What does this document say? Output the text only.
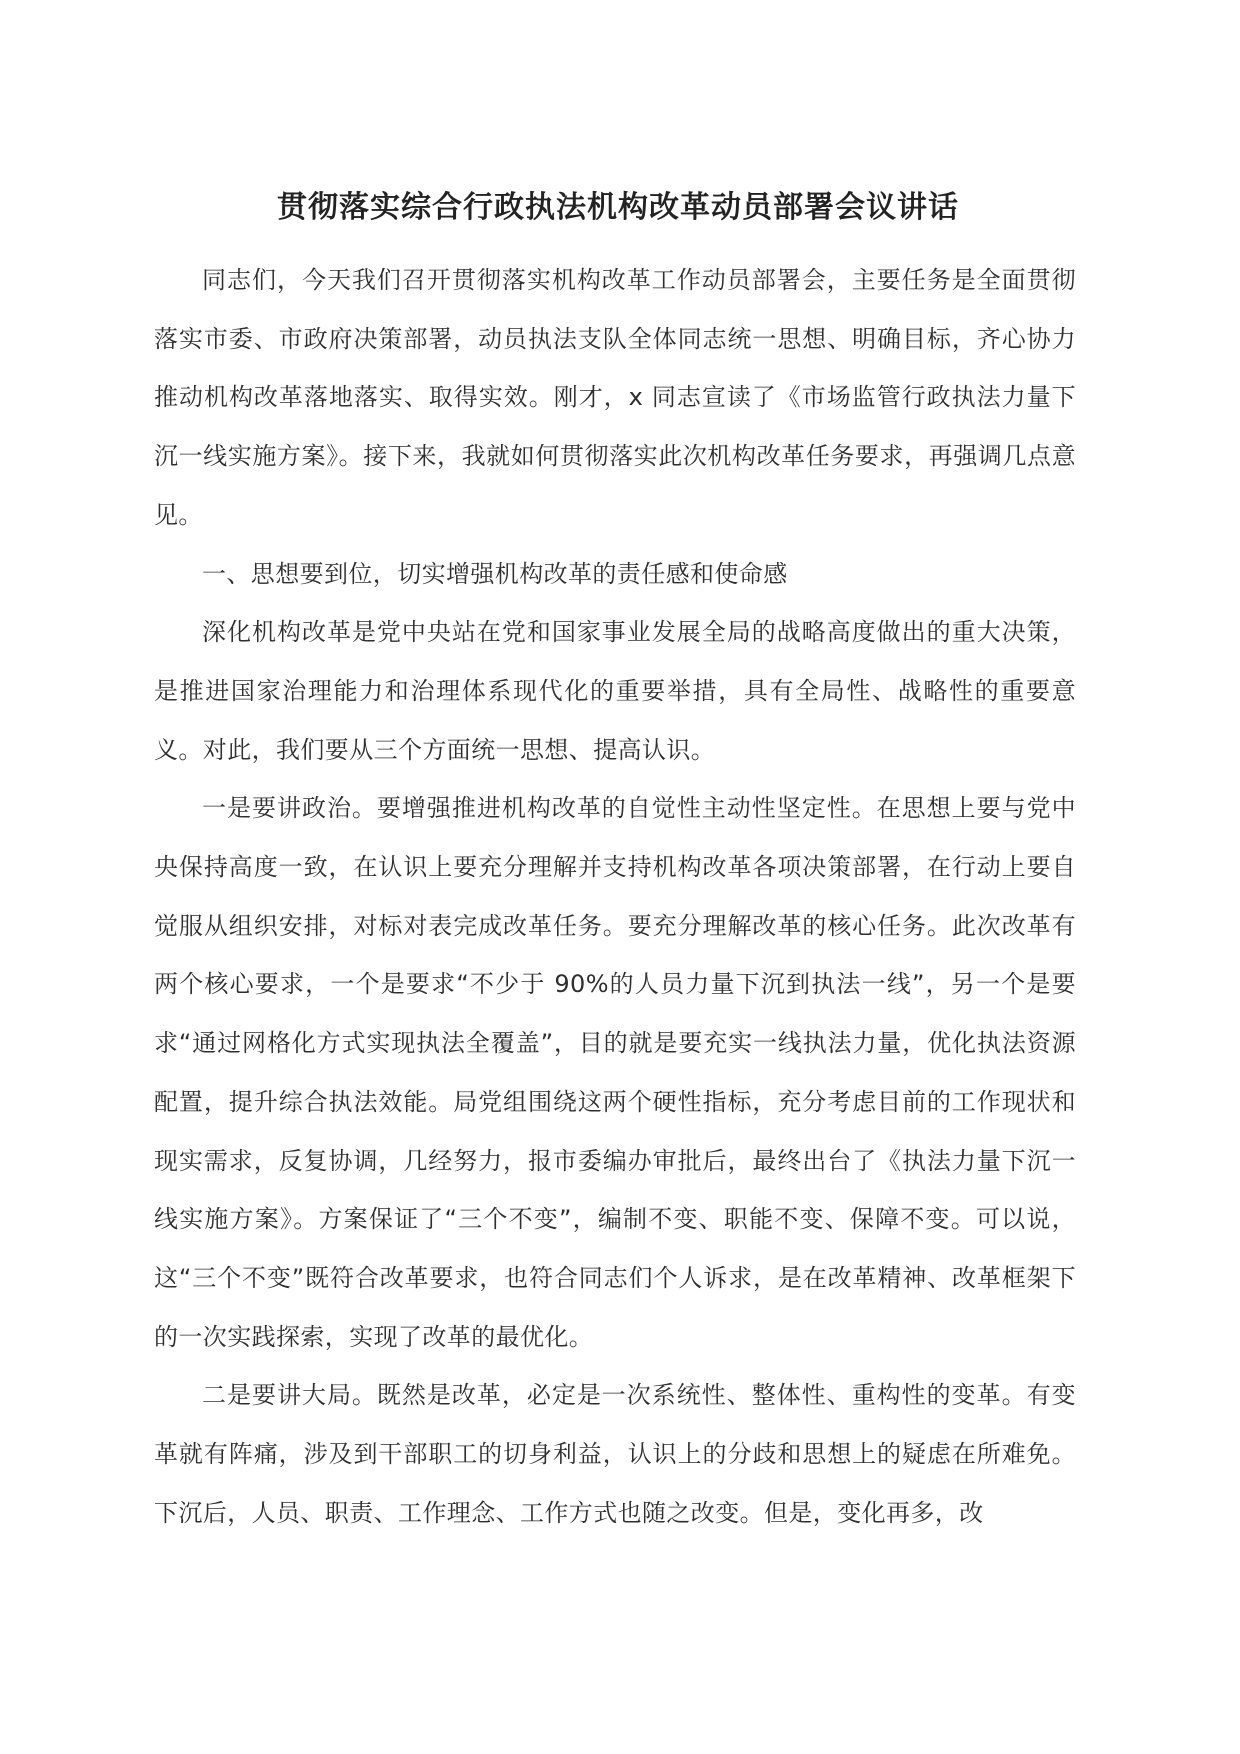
贯彻落实综合行政执法机构改革动员部署会议讲话

同志们，今天我们召开贯彻落实机构改革工作动员部署会，主要任务是全面贯彻落实市委、市政府决策部署，动员执法支队全体同志统一思想、明确目标，齐心协力推动机构改革落地落实、取得实效。刚才，x 同志宣读了《市场监管行政执法力量下沉一线实施方案》。接下来，我就如何贯彻落实此次机构改革任务要求，再强调几点意见。

一、思想要到位，切实增强机构改革的责任感和使命感

深化机构改革是党中央站在党和国家事业发展全局的战略高度做出的重大决策，是推进国家治理能力和治理体系现代化的重要举措，具有全局性、战略性的重要意义。对此，我们要从三个方面统一思想、提高认识。

一是要讲政治。要增强推进机构改革的自觉性主动性坚定性。在思想上要与党中央保持高度一致，在认识上要充分理解并支持机构改革各项决策部署，在行动上要自觉服从组织安排，对标对表完成改革任务。要充分理解改革的核心任务。此次改革有两个核心要求，一个是要求“不少于 90%的人员力量下沉到执法一线”，另一个是要求“通过网格化方式实现执法全覆盖”，目的就是要充实一线执法力量，优化执法资源配置，提升综合执法效能。局党组围绕这两个硬性指标，充分考虑目前的工作现状和现实需求，反复协调，几经努力，报市委编办审批后，最终出台了《执法力量下沉一线实施方案》。方案保证了“三个不变”，编制不变、职能不变、保障不变。可以说，这“三个不变”既符合改革要求，也符合同志们个人诉求，是在改革精神、改革框架下的一次实践探索，实现了改革的最优化。

二是要讲大局。既然是改革，必定是一次系统性、整体性、重构性的变革。有变革就有阵痛，涉及到干部职工的切身利益，认识上的分歧和思想上的疑虑在所难免。下沉后，人员、职责、工作理念、工作方式也随之改变。但是，变化再多，改
